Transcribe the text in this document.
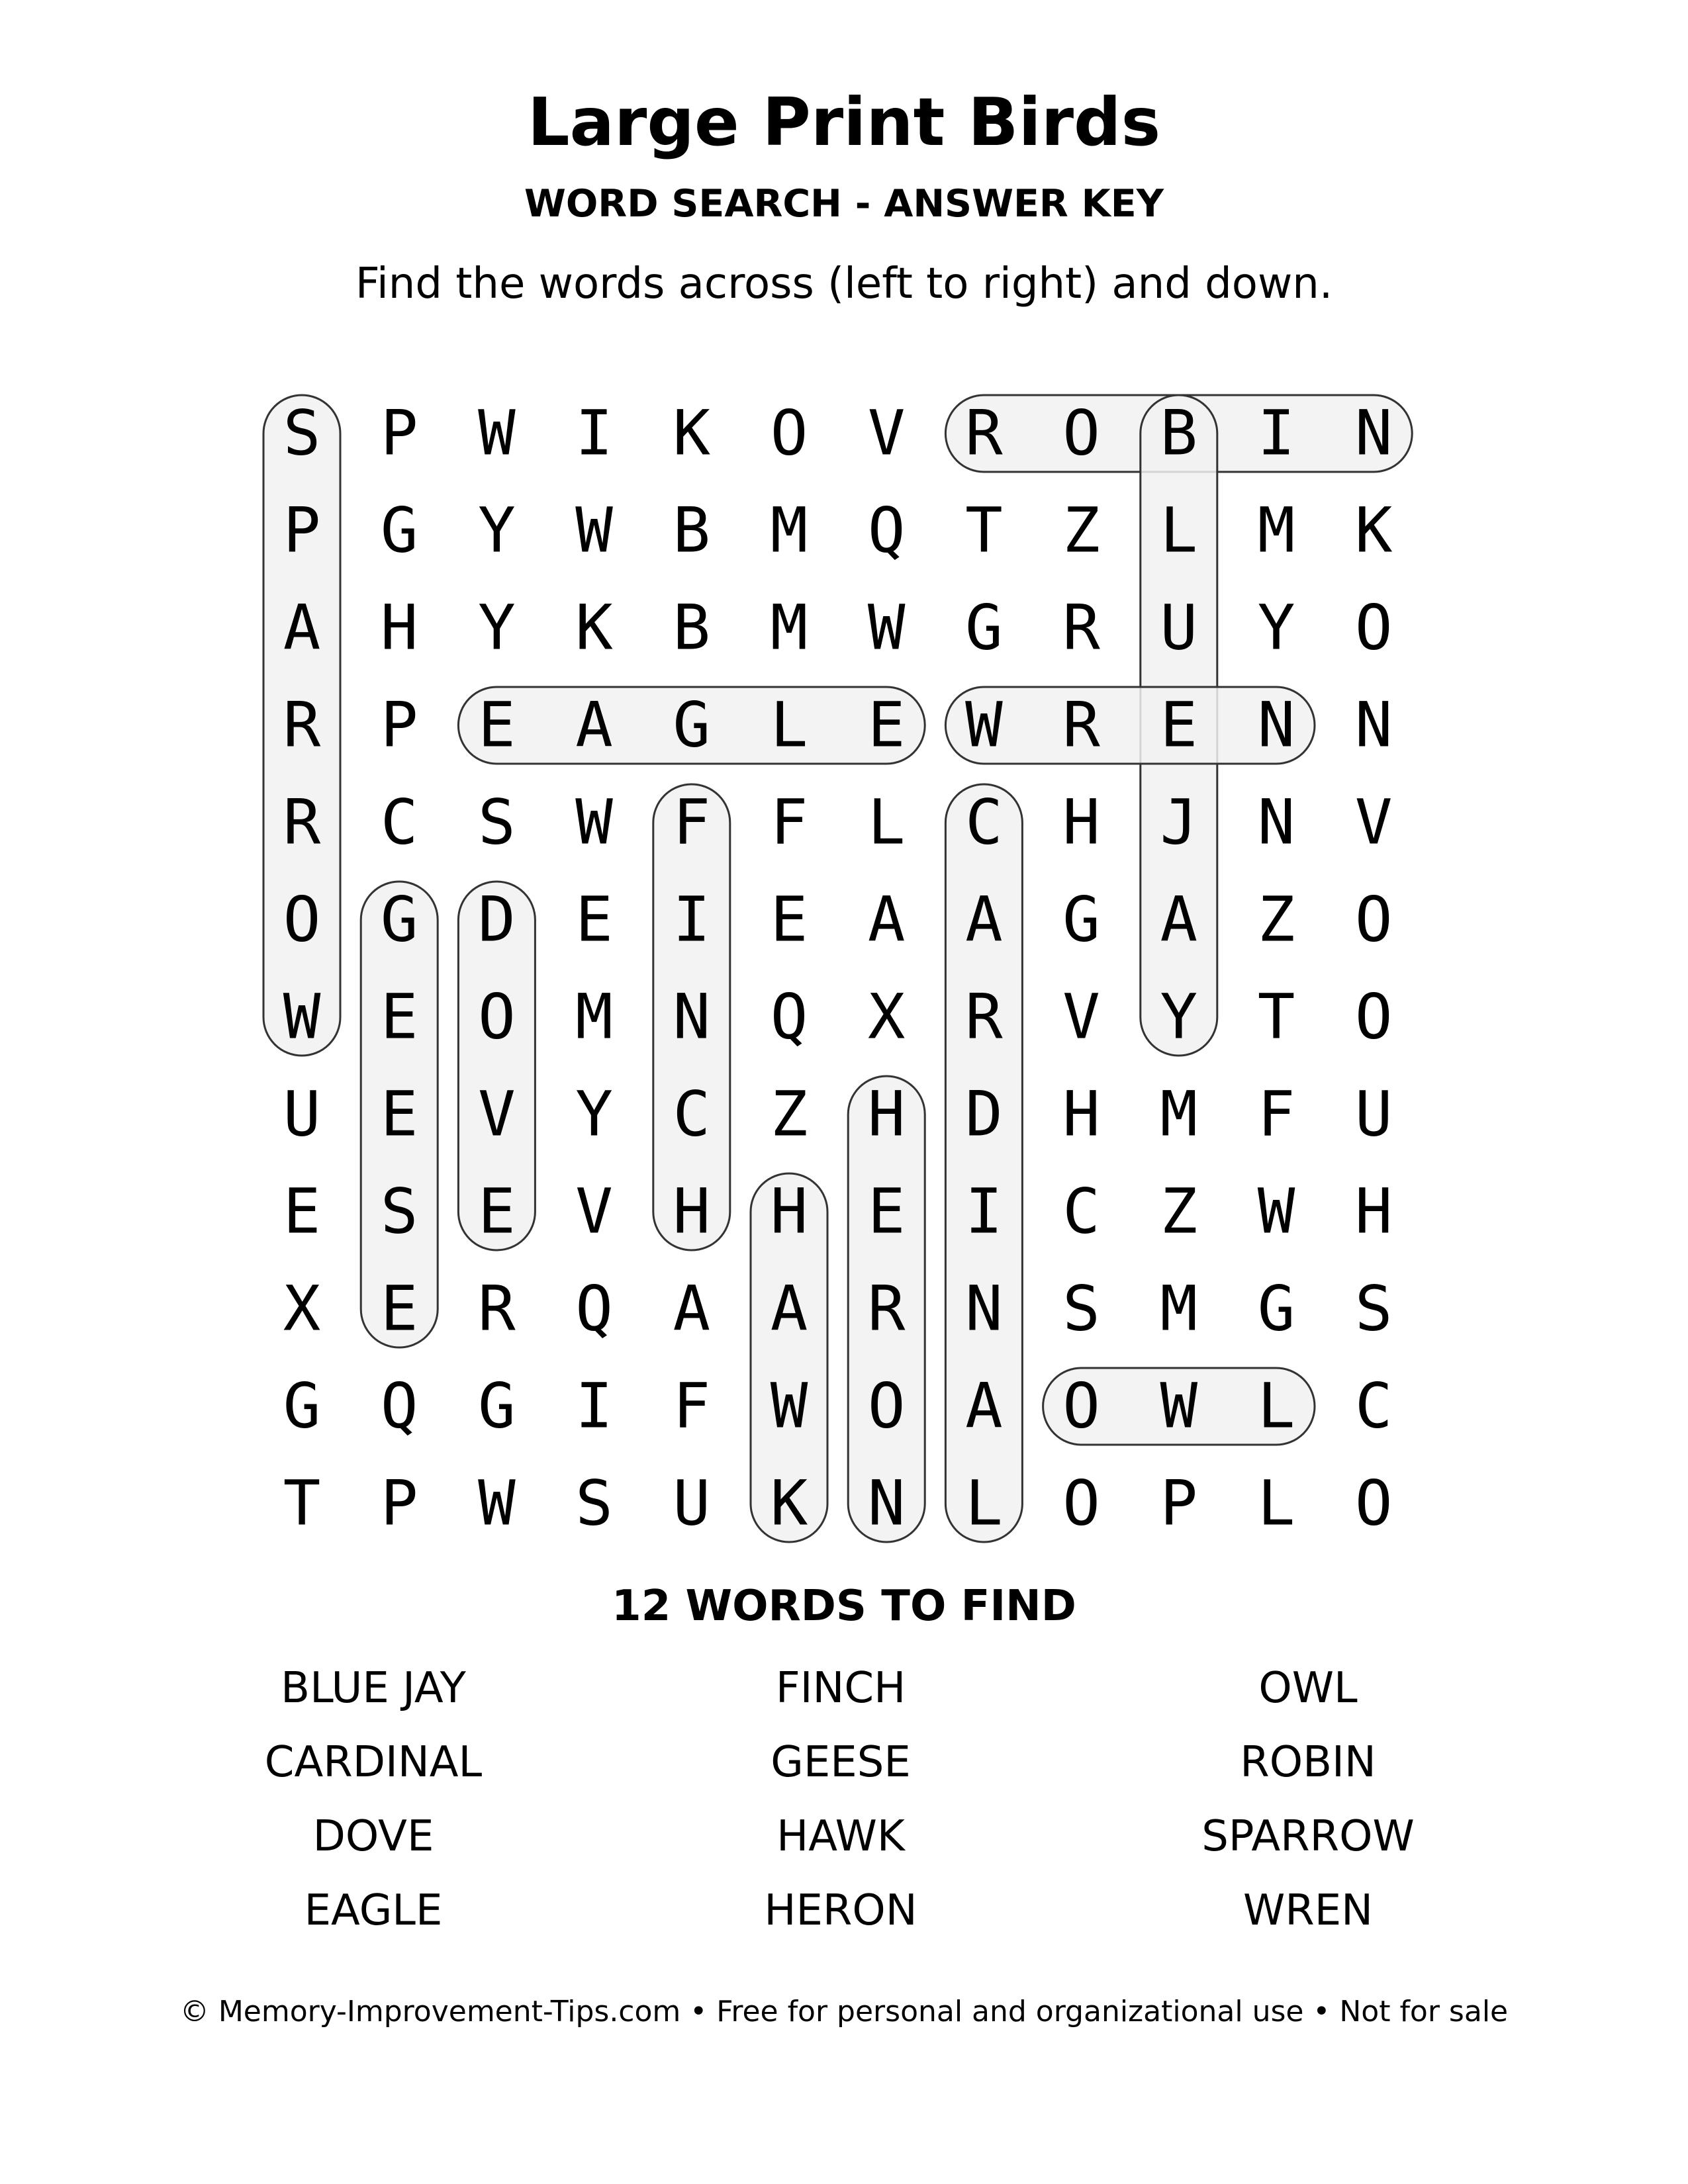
Large Print Birds
WORD SEARCH - ANSWER KEY
Find the words across (left to right) and down.
S P W I K O V R O B I N
P G Y W B M Q T Z L M K
A H Y K B M W G R U Y O
R P E A G L E W R E N N
R C S W F F L C H J N V
O G D E I E A A G A Z O
W E O M N Q X R V Y T O
U E V Y C Z H D H M F U
E S E V H H E I C Z W H
X E R Q A A R N S M G S
G Q G I F W O A O W L C
T P W S U K N L O P L O
12 WORDS TO FIND
BLUE JAY
CARDINAL
DOVE
EAGLE
FINCH
GEESE
HAWK
HERON
OWL
ROBIN
SPARROW
WREN
© Memory-Improvement-Tips.com • Free for personal and organizational use • Not for sale
